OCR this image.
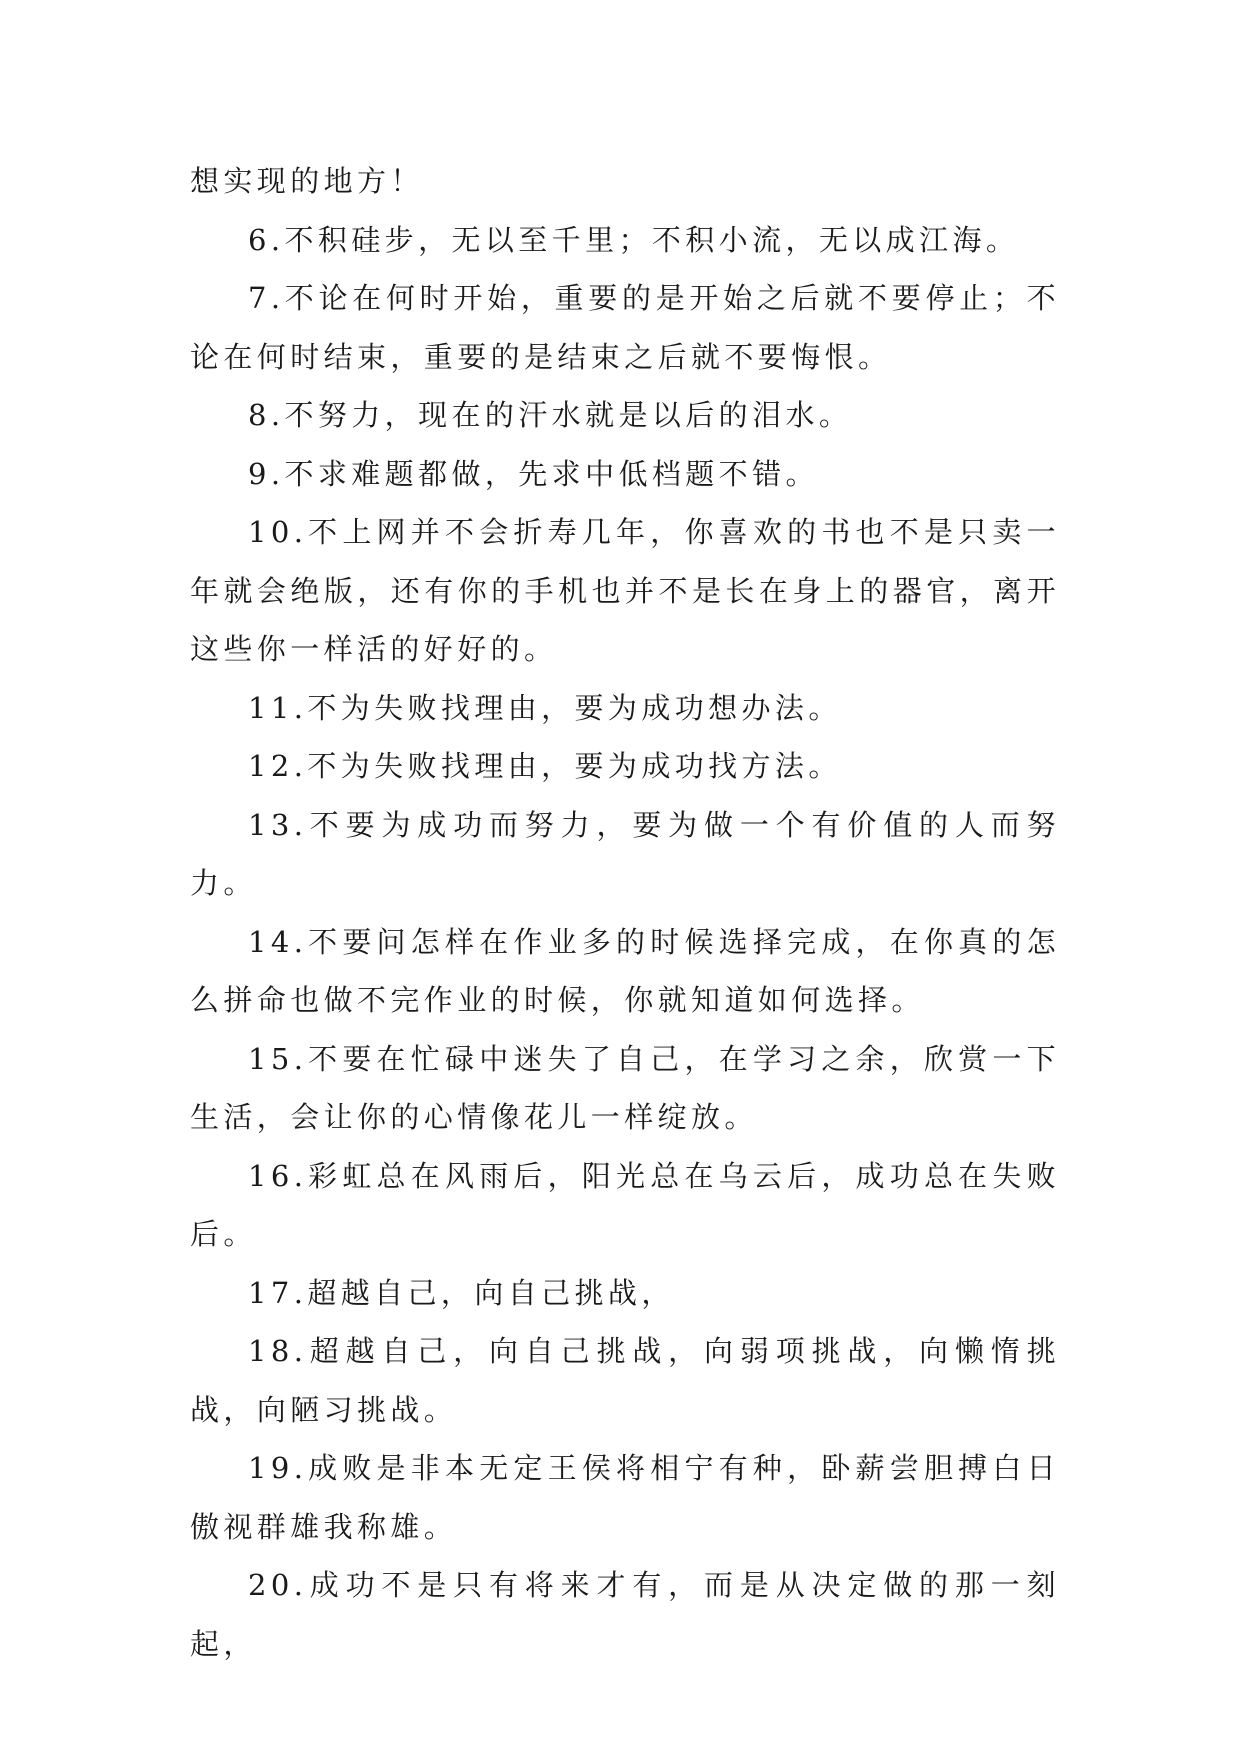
想实现的地方！

6.不积硅步，无以至千里；不积小流，无以成江海。

7.不论在何时开始，重要的是开始之后就不要停止；不论在何时结束，重要的是结束之后就不要悔恨。

8.不努力，现在的汗水就是以后的泪水。

9.不求难题都做，先求中低档题不错。

10.不上网并不会折寿几年，你喜欢的书也不是只卖一年就会绝版，还有你的手机也并不是长在身上的器官，离开这些你一样活的好好的。

11.不为失败找理由，要为成功想办法。

12.不为失败找理由，要为成功找方法。

13.不要为成功而努力，要为做一个有价值的人而努力。

14.不要问怎样在作业多的时候选择完成，在你真的怎么拼命也做不完作业的时候，你就知道如何选择。

15.不要在忙碌中迷失了自己，在学习之余，欣赏一下生活，会让你的心情像花儿一样绽放。

16.彩虹总在风雨后，阳光总在乌云后，成功总在失败后。

17.超越自己，向自己挑战，

18.超越自己，向自己挑战，向弱项挑战，向懒惰挑战，向陋习挑战。

19.成败是非本无定王侯将相宁有种，卧薪尝胆搏白日傲视群雄我称雄。

20.成功不是只有将来才有，而是从决定做的那一刻起，
